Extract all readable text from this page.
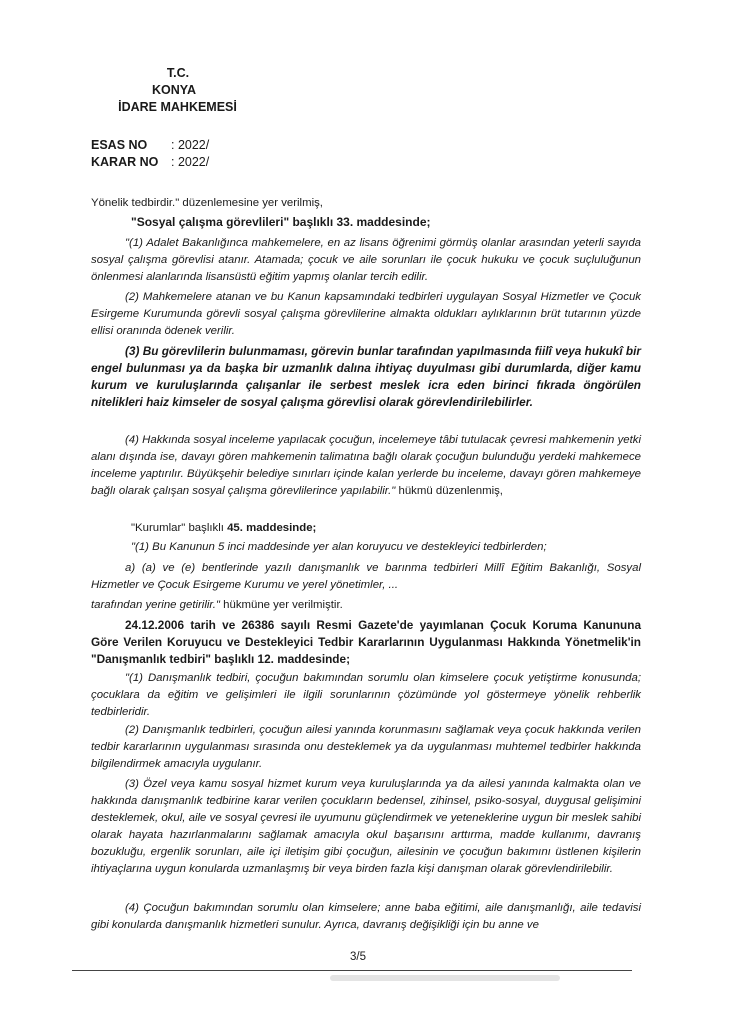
T.C.
KONYA
İDARE MAHKEMESİ
ESAS NO : 2022/
KARAR NO : 2022/
Yönelik tedbirdir." düzenlemesine yer verilmiş,
"Sosyal çalışma görevlileri" başlıklı 33. maddesinde;
"(1) Adalet Bakanlığınca mahkemelere, en az lisans öğrenimi görmüş olanlar arasından yeterli sayıda sosyal çalışma görevlisi atanır. Atamada; çocuk ve aile sorunları ile çocuk hukuku ve çocuk suçluluğunun önlenmesi alanlarında lisansüstü eğitim yapmış olanlar tercih edilir.
(2) Mahkemelere atanan ve bu Kanun kapsamındaki tedbirleri uygulayan Sosyal Hizmetler ve Çocuk Esirgeme Kurumunda görevli sosyal çalışma görevlilerine almakta oldukları aylıklarının brüt tutarının yüzde ellisi oranında ödenek verilir.
(3) Bu görevlilerin bulunmaması, görevin bunlar tarafından yapılmasında fiilî veya hukukî bir engel bulunması ya da başka bir uzmanlık dalına ihtiyaç duyulması gibi durumlarda, diğer kamu kurum ve kuruluşlarında çalışanlar ile serbest meslek icra eden birinci fıkrada öngörülen nitelikleri haiz kimseler de sosyal çalışma görevlisi olarak görevlendirilebilirler.
(4) Hakkında sosyal inceleme yapılacak çocuğun, incelemeye tâbi tutulacak çevresi mahkemenin yetki alanı dışında ise, davayı gören mahkemenin talimatına bağlı olarak çocuğun bulunduğu yerdeki mahkemece inceleme yaptırılır. Büyükşehir belediye sınırları içinde kalan yerlerde bu inceleme, davayı gören mahkemeye bağlı olarak çalışan sosyal çalışma görevlilerince yapılabilir." hükmü düzenlenmiş,
"Kurumlar" başlıklı 45. maddesinde;
"(1) Bu Kanunun 5 inci maddesinde yer alan koruyucu ve destekleyici tedbirlerden;
a) (a) ve (e) bentlerinde yazılı danışmanlık ve barınma tedbirleri Millî Eğitim Bakanlığı, Sosyal Hizmetler ve Çocuk Esirgeme Kurumu ve yerel yönetimler, ...
tarafından yerine getirilir." hükmüne yer verilmiştir.
24.12.2006 tarih ve 26386 sayılı Resmi Gazete'de yayımlanan Çocuk Koruma Kanununa Göre Verilen Koruyucu ve Destekleyici Tedbir Kararlarının Uygulanması Hakkında Yönetmelik'in "Danışmanlık tedbiri" başlıklı 12. maddesinde;
"(1) Danışmanlık tedbiri, çocuğun bakımından sorumlu olan kimselere çocuk yetiştirme konusunda; çocuklara da eğitim ve gelişimleri ile ilgili sorunlarının çözümünde yol göstermeye yönelik rehberlik tedbirleridir.
(2) Danışmanlık tedbirleri, çocuğun ailesi yanında korunmasını sağlamak veya çocuk hakkında verilen tedbir kararlarının uygulanması sırasında onu desteklemek ya da uygulanması muhtemel tedbirler hakkında bilgilendirmek amacıyla uygulanır.
(3) Özel veya kamu sosyal hizmet kurum veya kuruluşlarında ya da ailesi yanında kalmakta olan ve hakkında danışmanlık tedbirine karar verilen çocukların bedensel, zihinsel, psiko-sosyal, duygusal gelişimini desteklemek, okul, aile ve sosyal çevresi ile uyumunu güçlendirmek ve yeteneklerine uygun bir meslek sahibi olarak hayata hazırlanmalarını sağlamak amacıyla okul başarısını arttırma, madde kullanımı, davranış bozukluğu, ergenlik sorunları, aile içi iletişim gibi çocuğun, ailesinin ve çocuğun bakımını üstlenen kişilerin ihtiyaçlarına uygun konularda uzmanlaşmış bir veya birden fazla kişi danışman olarak görevlendirilebilir.
(4) Çocuğun bakımından sorumlu olan kimselere; anne baba eğitimi, aile danışmanlığı, aile tedavisi gibi konularda danışmanlık hizmetleri sunulur. Ayrıca, davranış değişikliği için bu anne ve
3/5
